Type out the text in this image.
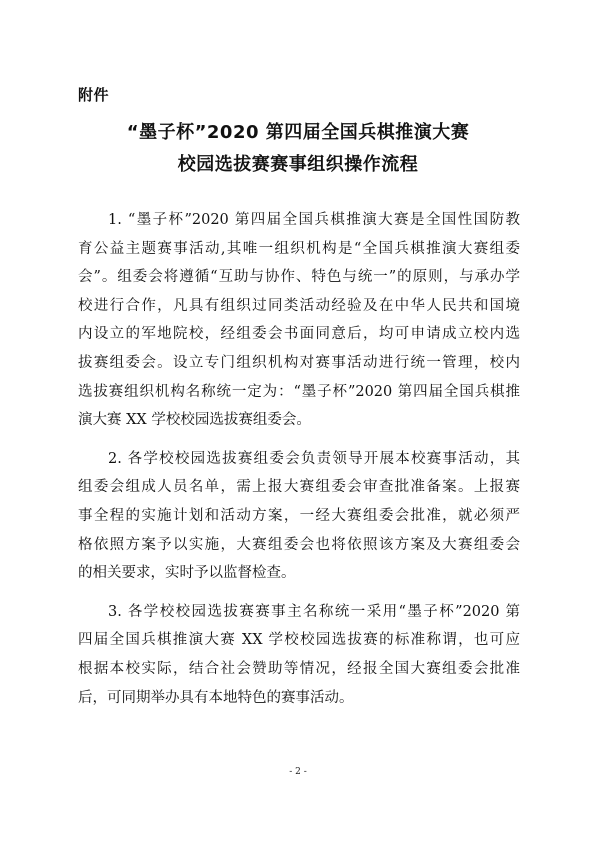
附件
“墨子杯”2020 第四届全国兵棋推演大赛
校园选拔赛赛事组织操作流程
1. “墨子杯”2020 第四届全国兵棋推演大赛是全国性国防教
育公益主题赛事活动,其唯一组织机构是“全国兵棋推演大赛组委
会”。组委会将遵循“互助与协作、特色与统一”的原则，与承办学
校进行合作，凡具有组织过同类活动经验及在中华人民共和国境
内设立的军地院校，经组委会书面同意后，均可申请成立校内选
拔赛组委会。设立专门组织机构对赛事活动进行统一管理，校内
选拔赛组织机构名称统一定为：“墨子杯”2020 第四届全国兵棋推
演大赛 XX 学校校园选拔赛组委会。
2. 各学校校园选拔赛组委会负责领导开展本校赛事活动，其
组委会组成人员名单，需上报大赛组委会审查批准备案。上报赛
事全程的实施计划和活动方案，一经大赛组委会批准，就必须严
格依照方案予以实施，大赛组委会也将依照该方案及大赛组委会
的相关要求，实时予以监督检查。
3. 各学校校园选拔赛赛事主名称统一采用“墨子杯”2020 第
四届全国兵棋推演大赛 XX 学校校园选拔赛的标准称谓，也可应
根据本校实际，结合社会赞助等情况，经报全国大赛组委会批准
后，可同期举办具有本地特色的赛事活动。
- 2 -
